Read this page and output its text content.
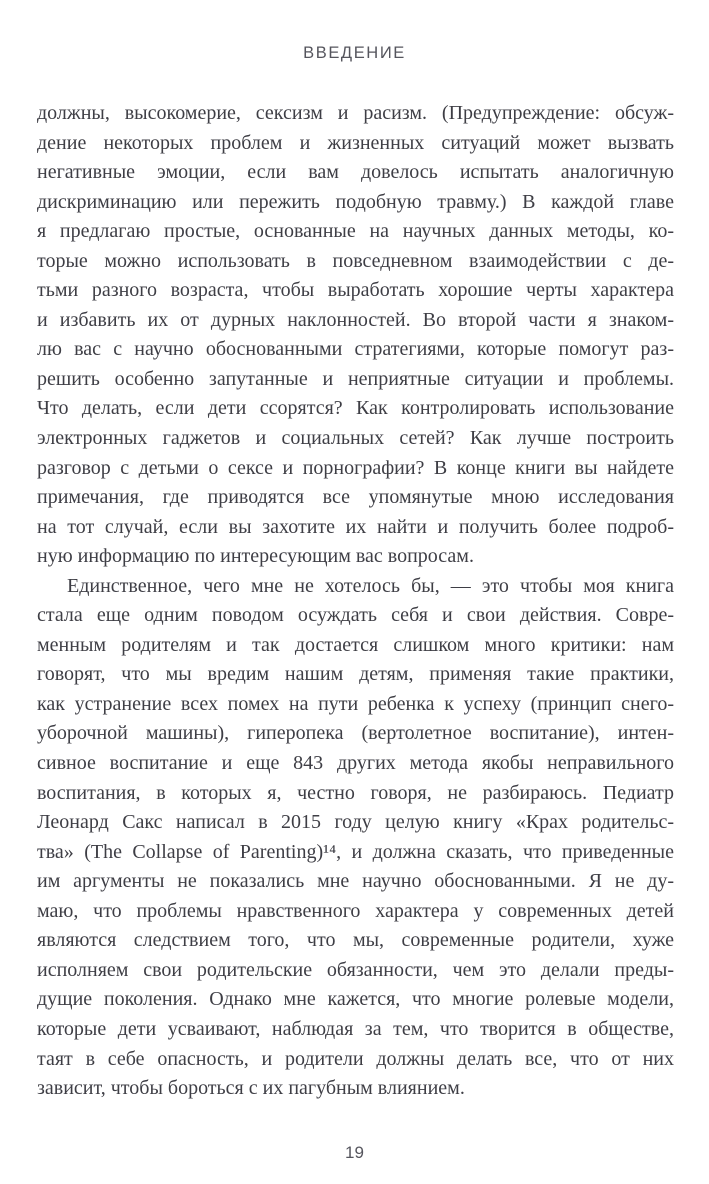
ВВЕДЕНИЕ
должны, высокомерие, сексизм и расизм. (Предупреждение: обсуж-
дение некоторых проблем и жизненных ситуаций может вызвать
негативные эмоции, если вам довелось испытать аналогичную
дискриминацию или пережить подобную травму.) В каждой главе
я предлагаю простые, основанные на научных данных методы, ко-
торые можно использовать в повседневном взаимодействии с де-
тьми разного возраста, чтобы выработать хорошие черты характера
и избавить их от дурных наклонностей. Во второй части я знаком-
лю вас с научно обоснованными стратегиями, которые помогут раз-
решить особенно запутанные и неприятные ситуации и проблемы.
Что делать, если дети ссорятся? Как контролировать использование
электронных гаджетов и социальных сетей? Как лучше построить
разговор с детьми о сексе и порнографии? В конце книги вы найдете
примечания, где приводятся все упомянутые мною исследования
на тот случай, если вы захотите их найти и получить более подроб-
ную информацию по интересующим вас вопросам.
Единственное, чего мне не хотелось бы, — это чтобы моя книга
стала еще одним поводом осуждать себя и свои действия. Совре-
менным родителям и так достается слишком много критики: нам
говорят, что мы вредим нашим детям, применяя такие практики,
как устранение всех помех на пути ребенка к успеху (принцип снего-
уборочной машины), гиперопека (вертолетное воспитание), интен-
сивное воспитание и еще 843 других метода якобы неправильного
воспитания, в которых я, честно говоря, не разбираюсь. Педиатр
Леонард Сакс написал в 2015 году целую книгу «Крах родительс-
тва» (The Collapse of Parenting)¹⁴, и должна сказать, что приведенные
им аргументы не показались мне научно обоснованными. Я не ду-
маю, что проблемы нравственного характера у современных детей
являются следствием того, что мы, современные родители, хуже
исполняем свои родительские обязанности, чем это делали преды-
дущие поколения. Однако мне кажется, что многие ролевые модели,
которые дети усваивают, наблюдая за тем, что творится в обществе,
таят в себе опасность, и родители должны делать все, что от них
зависит, чтобы бороться с их пагубным влиянием.
19
